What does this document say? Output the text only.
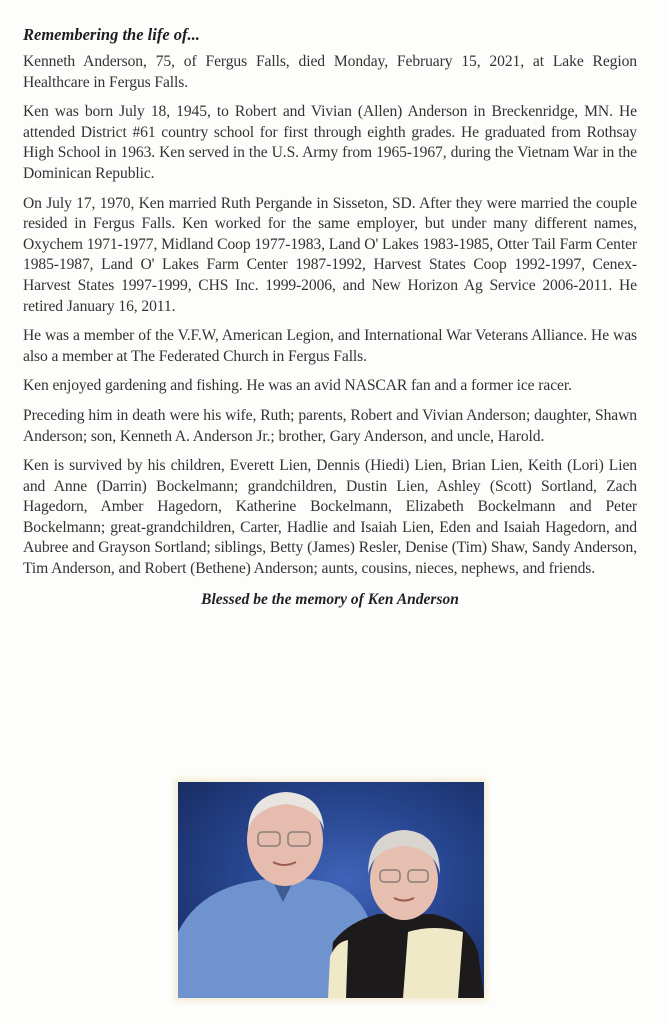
Remembering the life of...

Kenneth Anderson, 75, of Fergus Falls, died Monday, February 15, 2021, at Lake Region Healthcare in Fergus Falls.

Ken was born July 18, 1945, to Robert and Vivian (Allen) Anderson in Breckenridge, MN. He attended District #61 country school for first through eighth grades. He graduated from Rothsay High School in 1963. Ken served in the U.S. Army from 1965-1967, during the Vietnam War in the Dominican Republic.

On July 17, 1970, Ken married Ruth Pergande in Sisseton, SD. After they were married the couple resided in Fergus Falls. Ken worked for the same employer, but under many different names, Oxychem 1971-1977, Midland Coop 1977-1983, Land O' Lakes 1983-1985, Otter Tail Farm Center 1985-1987, Land O' Lakes Farm Center 1987-1992, Harvest States Coop 1992-1997, Cenex-Harvest States 1997-1999, CHS Inc. 1999-2006, and New Horizon Ag Service 2006-2011. He retired January 16, 2011.

He was a member of the V.F.W, American Legion, and International War Veterans Alliance. He was also a member at The Federated Church in Fergus Falls.

Ken enjoyed gardening and fishing. He was an avid NASCAR fan and a former ice racer.

Preceding him in death were his wife, Ruth; parents, Robert and Vivian Anderson; daughter, Shawn Anderson; son, Kenneth A. Anderson Jr.; brother, Gary Anderson, and uncle, Harold.

Ken is survived by his children, Everett Lien, Dennis (Hiedi) Lien, Brian Lien, Keith (Lori) Lien and Anne (Darrin) Bockelmann; grandchildren, Dustin Lien, Ashley (Scott) Sortland, Zach Hagedorn, Amber Hagedorn, Katherine Bockelmann, Elizabeth Bockelmann and Peter Bockelmann; great-grandchildren, Carter, Hadlie and Isaiah Lien, Eden and Isaiah Hagedorn, and Aubree and Grayson Sortland; siblings, Betty (James) Resler, Denise (Tim) Shaw, Sandy Anderson, Tim Anderson, and Robert (Bethene) Anderson; aunts, cousins, nieces, nephews, and friends.

Blessed be the memory of Ken Anderson
